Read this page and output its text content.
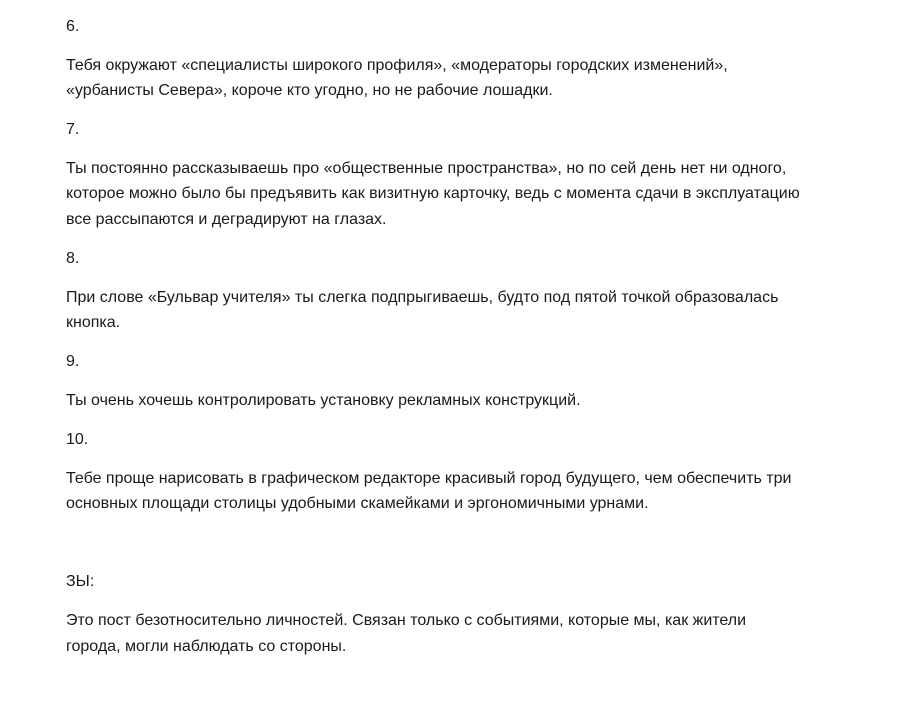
6.

Тебя окружают «специалисты широкого профиля», «модераторы городских изменений»,

«урбанисты Севера», короче кто угодно, но не рабочие лошадки.

7.

Ты постоянно рассказываешь про «общественные пространства», но по сей день нет ни одного,

которое можно было бы предъявить как визитную карточку, ведь с момента сдачи в эксплуатацию

все рассыпаются и деградируют на глазах.

8.

При слове «Бульвар учителя» ты слегка подпрыгиваешь, будто под пятой точкой образовалась

кнопка.

9.

Ты очень хочешь контролировать установку рекламных конструкций.

10.

Тебе проще нарисовать в графическом редакторе красивый город будущего, чем обеспечить три

основных площади столицы удобными скамейками и эргономичными урнами.

ЗЫ:

Это пост безотносительно личностей. Связан только с событиями, которые мы, как жители

города, могли наблюдать со стороны.
